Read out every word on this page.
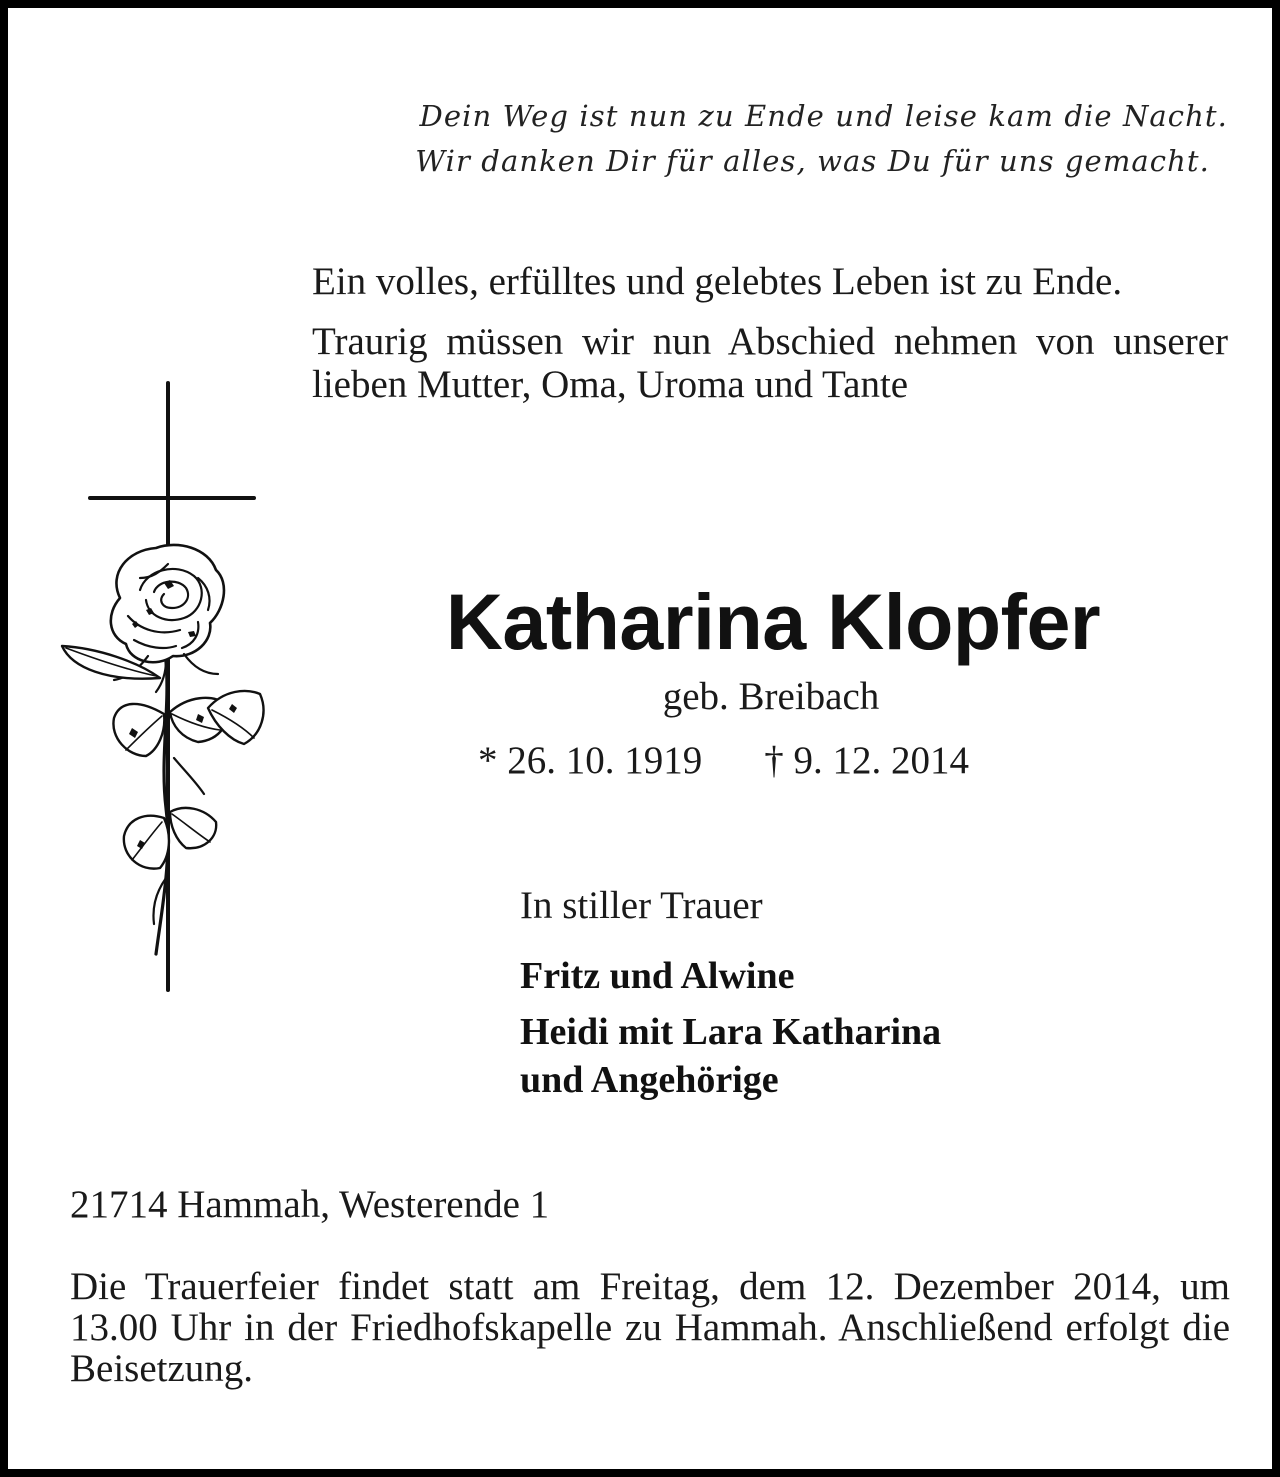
Dein Weg ist nun zu Ende und leise kam die Nacht.
Wir danken Dir für alles, was Du für uns gemacht.

Ein volles, erfülltes und gelebtes Leben ist zu Ende.

Traurig müssen wir nun Abschied nehmen von unserer lieben Mutter, Oma, Uroma und Tante

Katharina Klopfer
geb. Breibach
* 26. 10. 1919 † 9. 12. 2014
In stiller Trauer
Fritz und Alwine
Heidi mit Lara Katharina
und Angehörige
21714 Hammah, Westerende 1

Die Trauerfeier findet statt am Freitag, dem 12. Dezember 2014, um 13.00 Uhr in der Friedhofskapelle zu Hammah. Anschließend erfolgt die Beisetzung.
